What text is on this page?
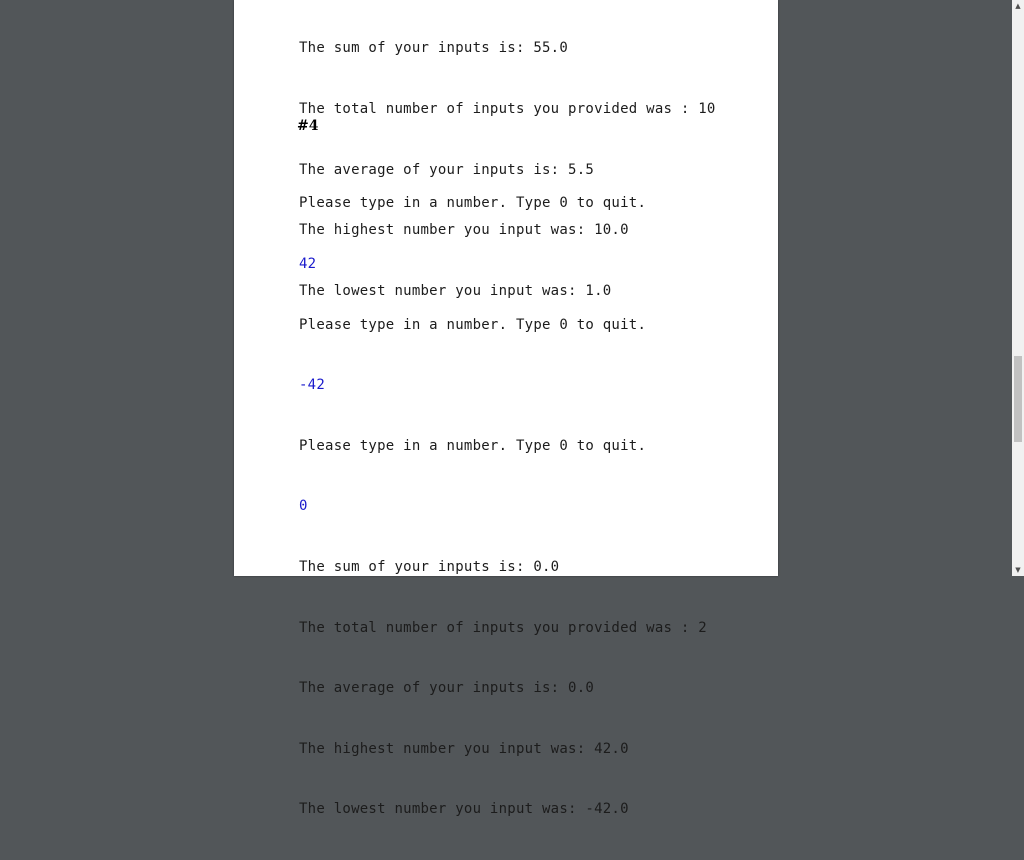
The sum of your inputs is: 55.0

The total number of inputs you provided was : 10

The average of your inputs is: 5.5

The highest number you input was: 10.0

The lowest number you input was: 1.0

#4

Please type in a number. Type 0 to quit.

42

Please type in a number. Type 0 to quit.

-42

Please type in a number. Type 0 to quit.

0

The sum of your inputs is: 0.0

The total number of inputs you provided was : 2

The average of your inputs is: 0.0

The highest number you input was: 42.0

The lowest number you input was: -42.0

▲
▼
